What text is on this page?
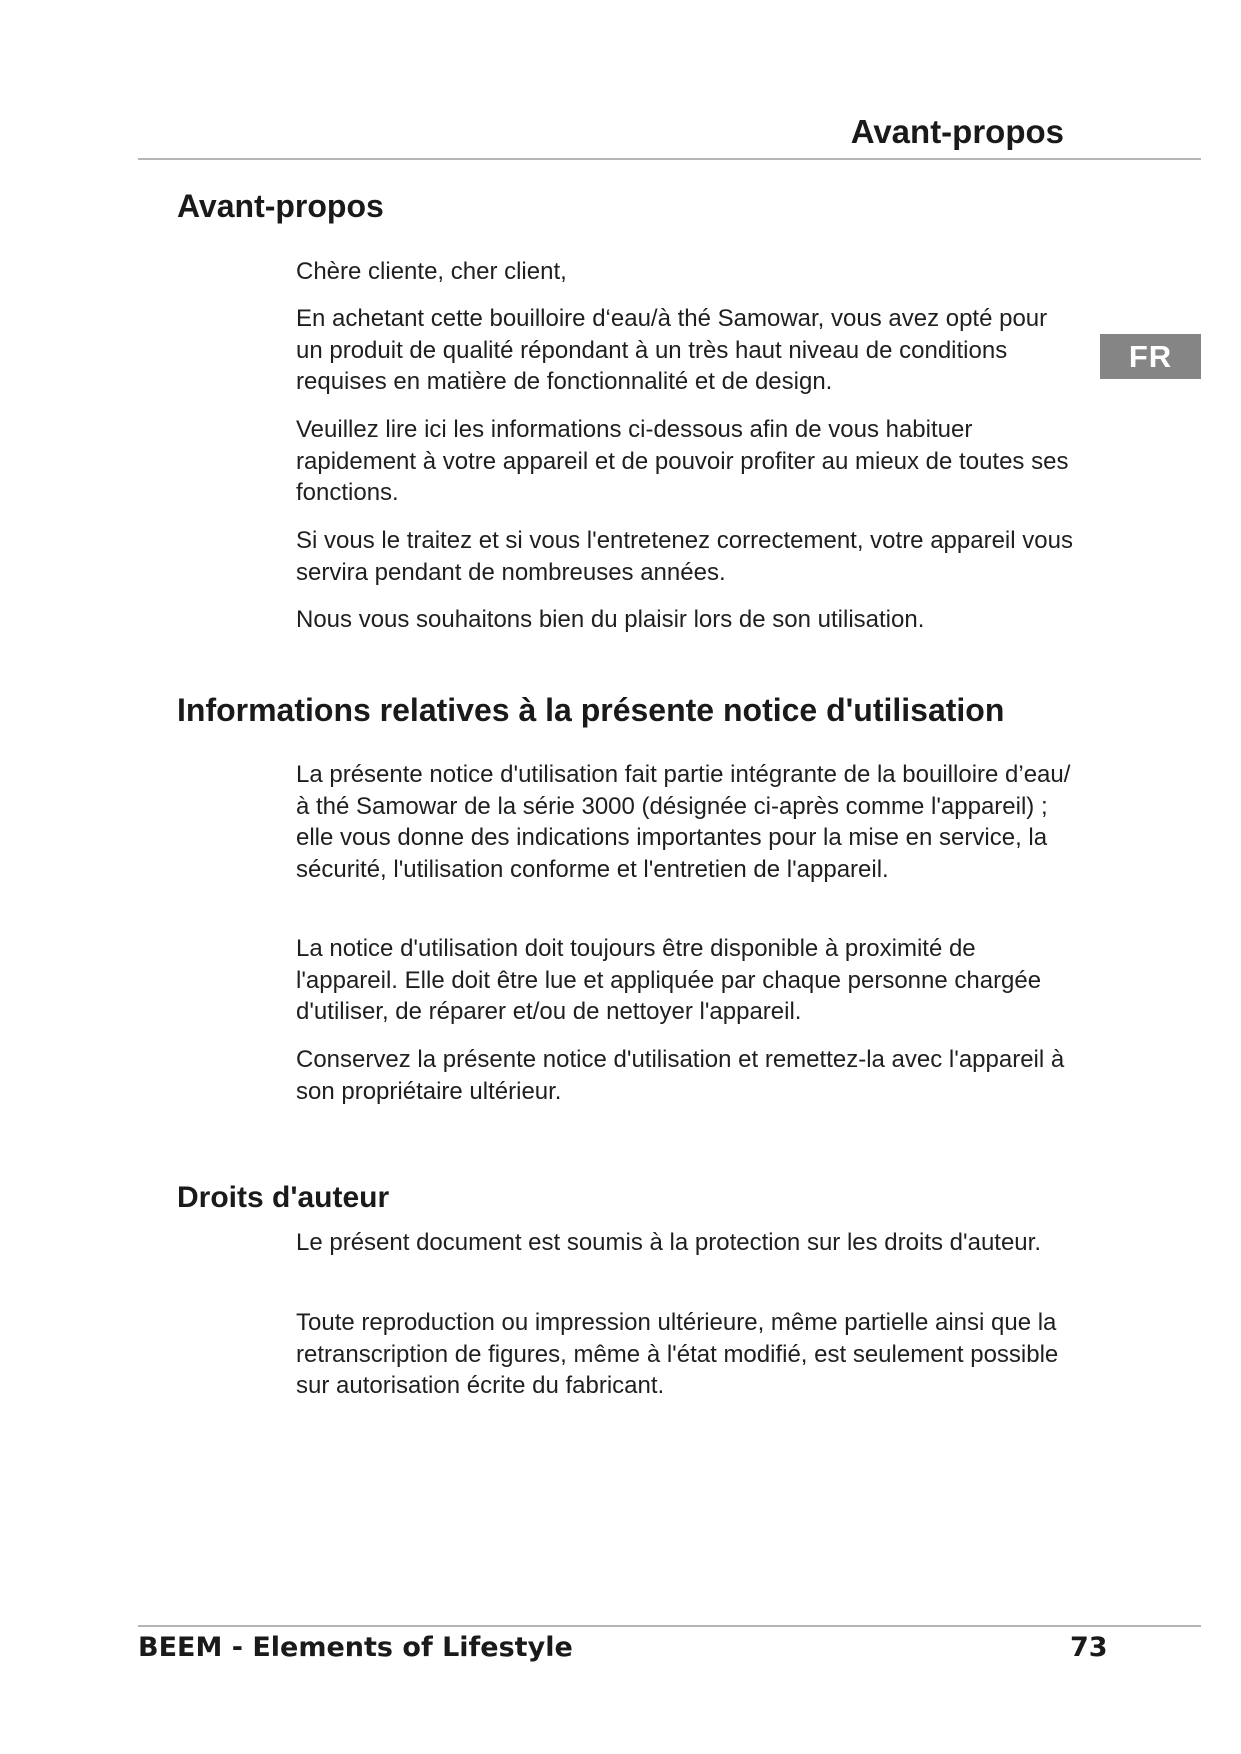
Avant-propos
FR
Avant-propos

Chère cliente, cher client,

En achetant cette bouilloire d‘eau/à thé Samowar, vous avez opté pour un produit de qualité répondant à un très haut niveau de conditions requises en matière de fonctionnalité et de design.

Veuillez lire ici les informations ci-dessous afin de vous habituer rapidement à votre appareil et de pouvoir profiter au mieux de toutes ses fonctions.

Si vous le traitez et si vous l'entretenez correctement, votre appareil vous servira pendant de nombreuses années.

Nous vous souhaitons bien du plaisir lors de son utilisation.

Informations relatives à la présente notice d'utilisation

La présente notice d'utilisation fait partie intégrante de la bouilloire d’eau/à thé Samowar de la série 3000 (désignée ci-après comme l'appareil) ; elle vous donne des indications importantes pour la mise en service, la sécurité, l'utilisation conforme et l'entretien de l'appareil.

La notice d'utilisation doit toujours être disponible à proximité de l'appareil. Elle doit être lue et appliquée par chaque personne chargée d'utiliser, de réparer et/ou de nettoyer l'appareil.

Conservez la présente notice d'utilisation et remettez-la avec l'appareil à son propriétaire ultérieur.

Droits d'auteur

Le présent document est soumis à la protection sur les droits d'auteur.

Toute reproduction ou impression ultérieure, même partielle ainsi que la retranscription de figures, même à l'état modifié, est seulement possible sur autorisation écrite du fabricant.

BEEM - Elements of Lifestyle	73
